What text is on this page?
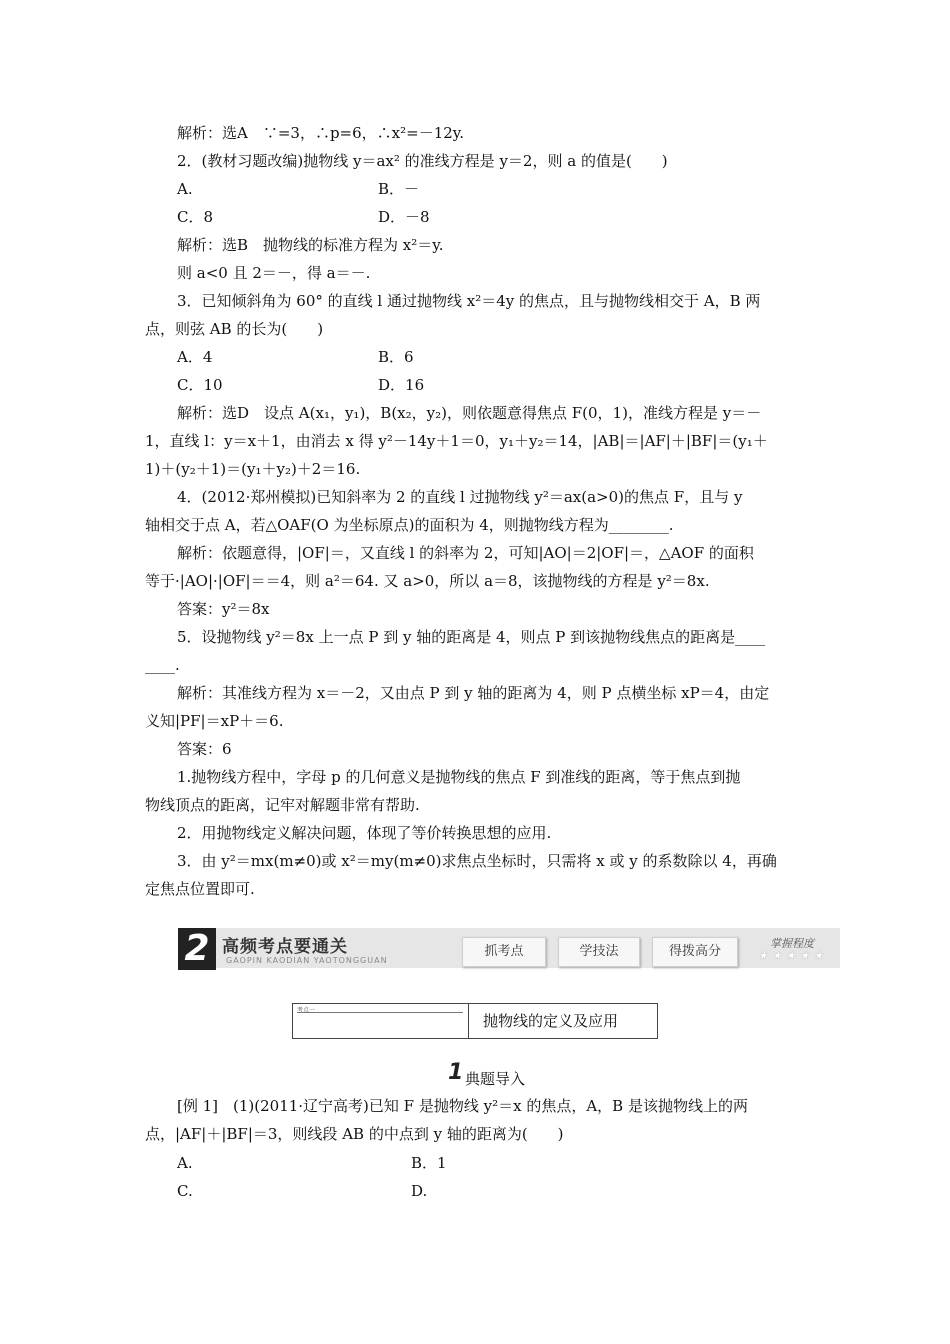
解析：选A　∵=3，∴p=6，∴x²=－12y.
2．(教材习题改编)抛物线 y＝ax² 的准线方程是 y＝2，则 a 的值是(　　)
A.	B．－
C．8	D．－8
解析：选B　抛物线的标准方程为 x²＝y.
则 a<0 且 2＝－，得 a＝－.
3．已知倾斜角为 60° 的直线 l 通过抛物线 x²＝4y 的焦点，且与抛物线相交于 A，B 两
点，则弦 AB 的长为(　　)
A．4	B．6
C．10	D．16
解析：选D　设点 A(x₁，y₁)，B(x₂，y₂)，则依题意得焦点 F(0，1)，准线方程是 y＝－
1，直线 l：y＝x＋1，由消去 x 得 y²－14y＋1＝0，y₁＋y₂＝14，|AB|＝|AF|＋|BF|＝(y₁＋
1)＋(y₂＋1)＝(y₁＋y₂)＋2＝16.
4．(2012·郑州模拟)已知斜率为 2 的直线 l 过抛物线 y²＝ax(a>0)的焦点 F，且与 y
轴相交于点 A，若△OAF(O 为坐标原点)的面积为 4，则抛物线方程为________.
解析：依题意得，|OF|＝，又直线 l 的斜率为 2，可知|AO|＝2|OF|＝，△AOF 的面积
等于·|AO|·|OF|＝＝4，则 a²＝64. 又 a>0，所以 a＝8，该抛物线的方程是 y²＝8x.
答案：y²＝8x
5．设抛物线 y²＝8x 上一点 P 到 y 轴的距离是 4，则点 P 到该抛物线焦点的距离是____
____.
解析：其准线方程为 x＝－2，又由点 P 到 y 轴的距离为 4，则 P 点横坐标 xP＝4，由定
义知|PF|＝xP＋＝6.
答案：6
1.抛物线方程中，字母 p 的几何意义是抛物线的焦点 F 到准线的距离，等于焦点到抛
物线顶点的距离，记牢对解题非常有帮助.
2．用抛物线定义解决问题，体现了等价转换思想的应用.
3．由 y²＝mx(m≠0)或 x²＝my(m≠0)求焦点坐标时，只需将 x 或 y 的系数除以 4，再确
定焦点位置即可.
2 高频考点要通关
GAOPIN KAODIAN YAOTONGGUAN
抓考点	学技法	得拨高分
掌握程度
★★★★★
考点一
抛物线的定义及应用
1 典题导入
[例 1]　(1)(2011·辽宁高考)已知 F 是抛物线 y²＝x 的焦点，A，B 是该抛物线上的两
点，|AF|＋|BF|＝3，则线段 AB 的中点到 y 轴的距离为(　　)
A.	B．1
C.	D.
